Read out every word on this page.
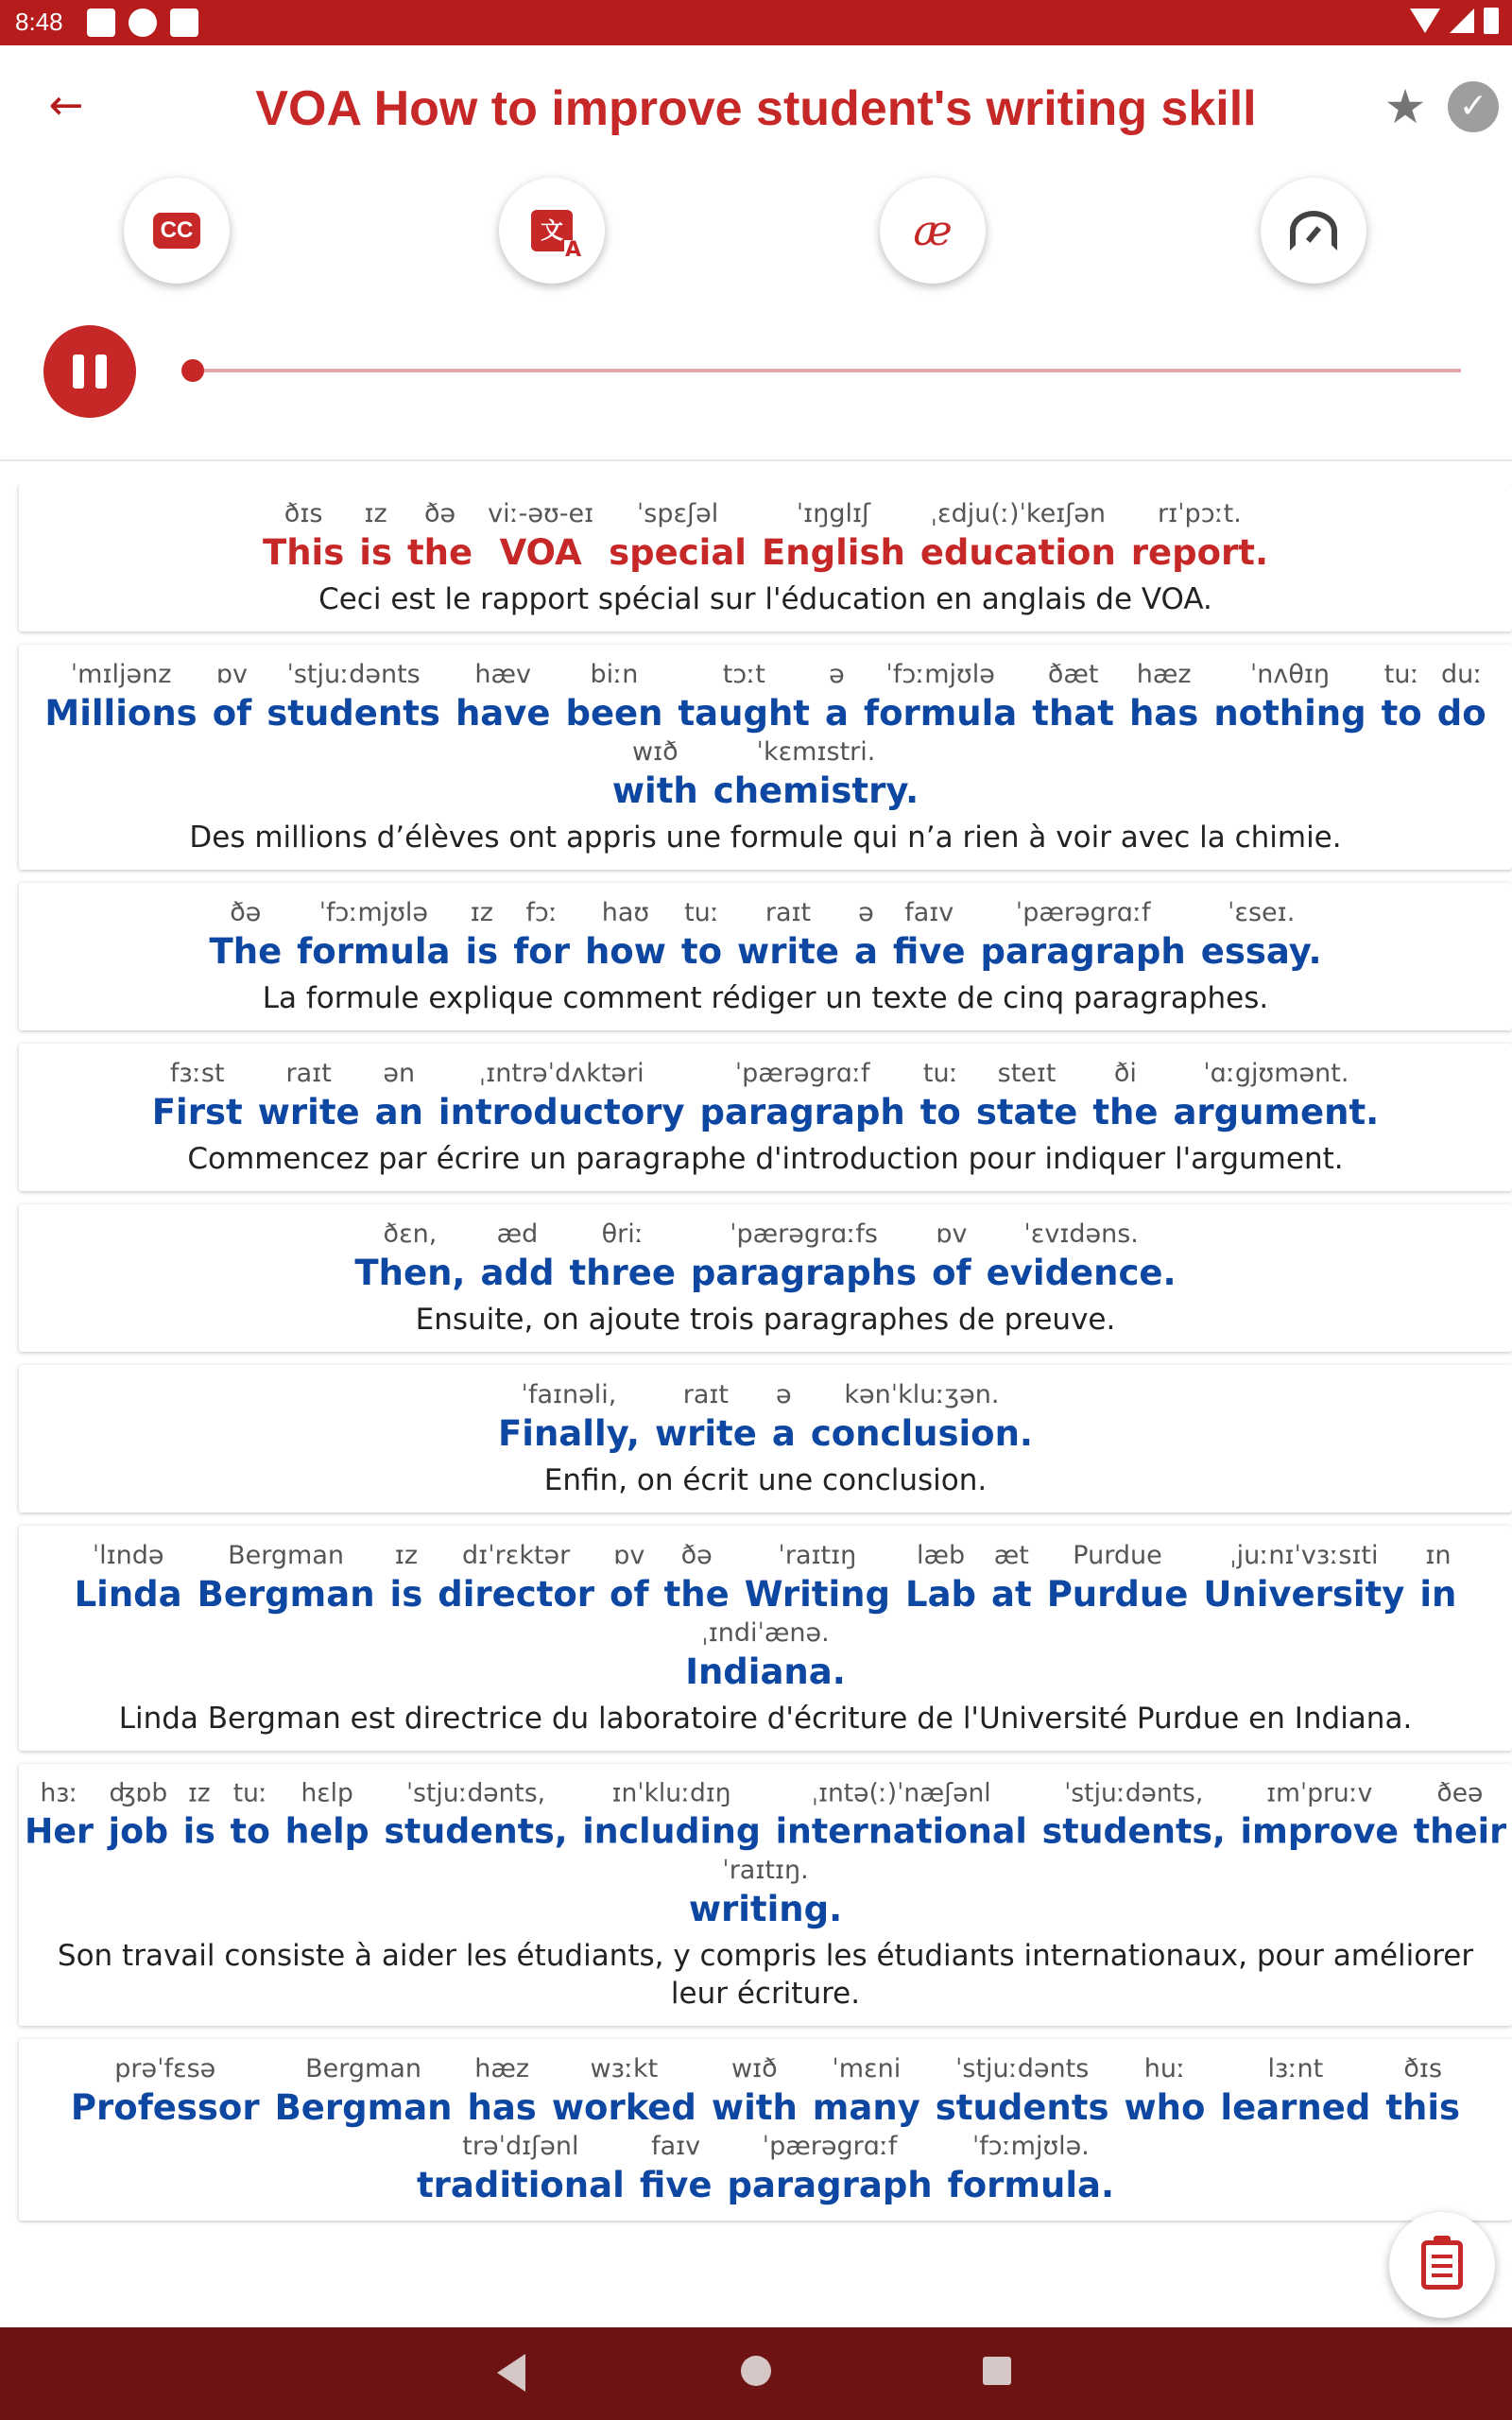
8:48
←	VOA How to improve student's writing skill	★ ✓
CC	文 A	æ
ðɪs
This
ɪz
is
ðə
the
viː-əʊ-eɪ
VOA
ˈspɛʃəl
special
ˈɪŋglɪʃ
English
ˌɛdju(ː)ˈkeɪʃən
education
rɪˈpɔːt.
report.
Ceci est le rapport spécial sur l'éducation en anglais de VOA.
ˈmɪljənz
Millions
ɒv
of
ˈstjuːdənts
students
hæv
have
biːn
been
tɔːt
taught
ə
a
ˈfɔːmjʊlə
formula
ðæt
that
hæz
has
ˈnʌθɪŋ
nothing
tuː
to
duː
do
wɪð
with
ˈkɛmɪstri.
chemistry.
Des millions d’élèves ont appris une formule qui n’a rien à voir avec la chimie.
ðə
The
ˈfɔːmjʊlə
formula
ɪz
is
fɔː
for
haʊ
how
tuː
to
raɪt
write
ə
a
faɪv
five
ˈpærəgrɑːf
paragraph
ˈɛseɪ.
essay.
La formule explique comment rédiger un texte de cinq paragraphes.
fɜːst
First
raɪt
write
ən
an
ˌɪntrəˈdʌktəri
introductory
ˈpærəgrɑːf
paragraph
tuː
to
steɪt
state
ði
the
ˈɑːgjʊmənt.
argument.
Commencez par écrire un paragraphe d'introduction pour indiquer l'argument.
ðɛn,
Then,
æd
add
θriː
three
ˈpærəgrɑːfs
paragraphs
ɒv
of
ˈɛvɪdəns.
evidence.
Ensuite, on ajoute trois paragraphes de preuve.
ˈfaɪnəli,
Finally,
raɪt
write
ə
a
kənˈkluːʒən.
conclusion.
Enfin, on écrit une conclusion.
ˈlɪndə
Linda
Bergman
Bergman
ɪz
is
dɪˈrɛktər
director
ɒv
of
ðə
the
ˈraɪtɪŋ
Writing
læb
Lab
æt
at
Purdue
Purdue
ˌjuːnɪˈvɜːsɪti
University
ɪn
in
ˌɪndiˈænə.
Indiana.
Linda Bergman est directrice du laboratoire d'écriture de l'Université Purdue en Indiana.
hɜː
Her
ʤɒb
job
ɪz
is
tuː
to
hɛlp
help
ˈstjuːdənts,
students,
ɪnˈkluːdɪŋ
including
ˌɪntə(ː)ˈnæʃənl
international
ˈstjuːdənts,
students,
ɪmˈpruːv
improve
ðeə
their
ˈraɪtɪŋ.
writing.
Son travail consiste à aider les étudiants, y compris les étudiants internationaux, pour améliorer leur écriture.
prəˈfɛsə
Professor
Bergman
Bergman
hæz
has
wɜːkt
worked
wɪð
with
ˈmɛni
many
ˈstjuːdənts
students
huː
who
lɜːnt
learned
ðɪs
this
trəˈdɪʃənl
traditional
faɪv
five
ˈpærəgrɑːf
paragraph
ˈfɔːmjʊlə.
formula.
